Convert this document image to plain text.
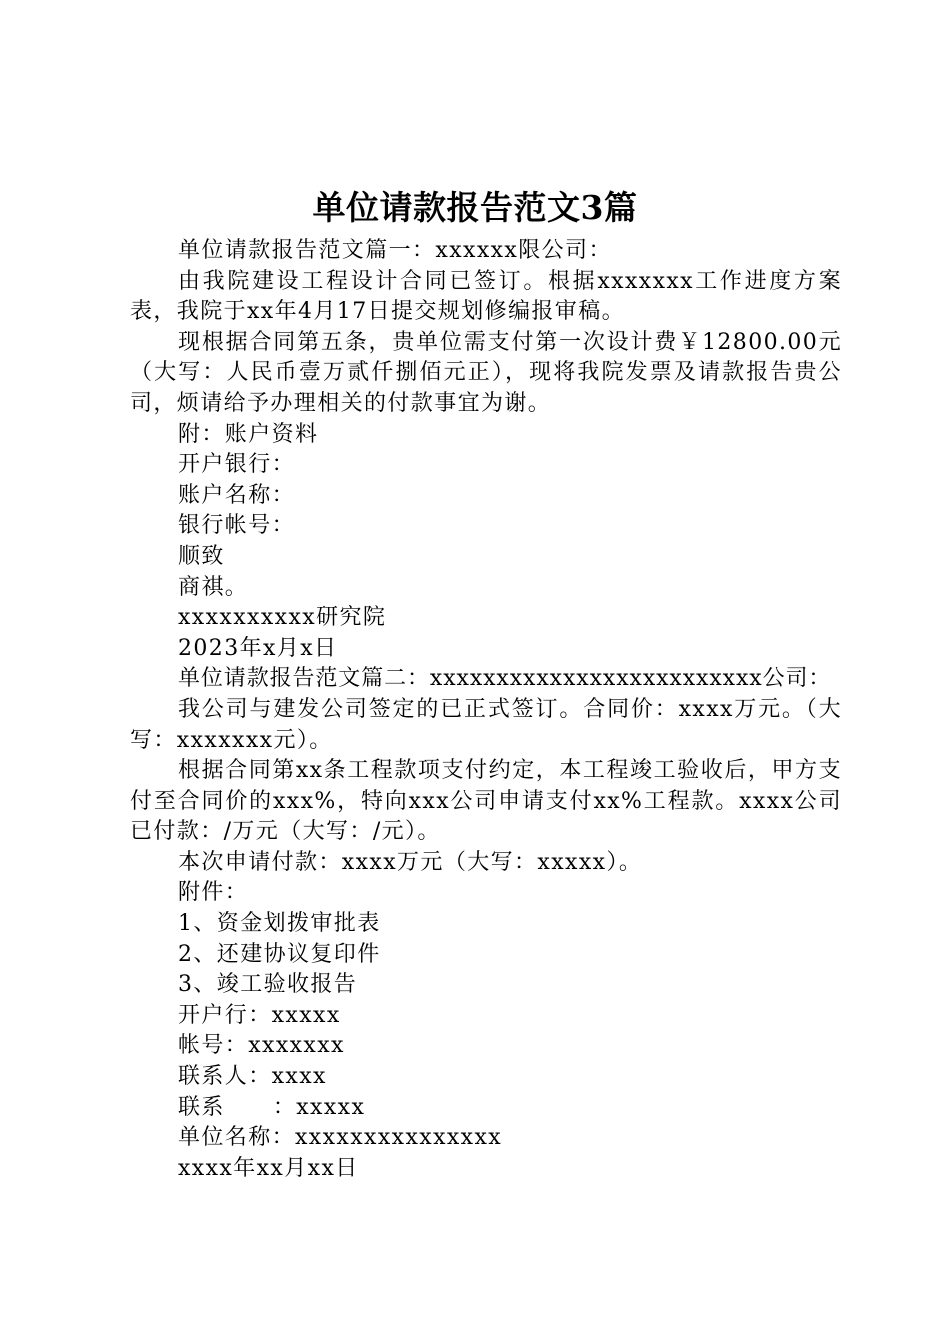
单位请款报告范文3篇

单位请款报告范文篇一：xxxxxx限公司：

由我院建设工程设计合同已签订。根据xxxxxxx工作进度方案表，我院于xx年4月17日提交规划修编报审稿。

现根据合同第五条，贵单位需支付第一次设计费￥12800.00元（大写：人民币壹万贰仟捌佰元正），现将我院发票及请款报告贵公司，烦请给予办理相关的付款事宜为谢。

附：账户资料

开户银行：

账户名称：

银行帐号：

顺致

商祺。

xxxxxxxxxx研究院

2023年x月x日

单位请款报告范文篇二：xxxxxxxxxxxxxxxxxxxxxxxxx公司：

我公司与建发公司签定的已正式签订。合同价：xxxx万元。（大写：xxxxxxx元）。

根据合同第xx条工程款项支付约定，本工程竣工验收后，甲方支付至合同价的xxx%，特向xxx公司申请支付xx%工程款。xxxx公司已付款：/万元（大写：/元）。

本次申请付款：xxxx万元（大写：xxxxx）。

附件：

1、资金划拨审批表

2、还建协议复印件

3、竣工验收报告

开户行：xxxxx

帐号：xxxxxxx

联系人：xxxx

联系 ：xxxxx

单位名称：xxxxxxxxxxxxxxx

xxxx年xx月xx日
